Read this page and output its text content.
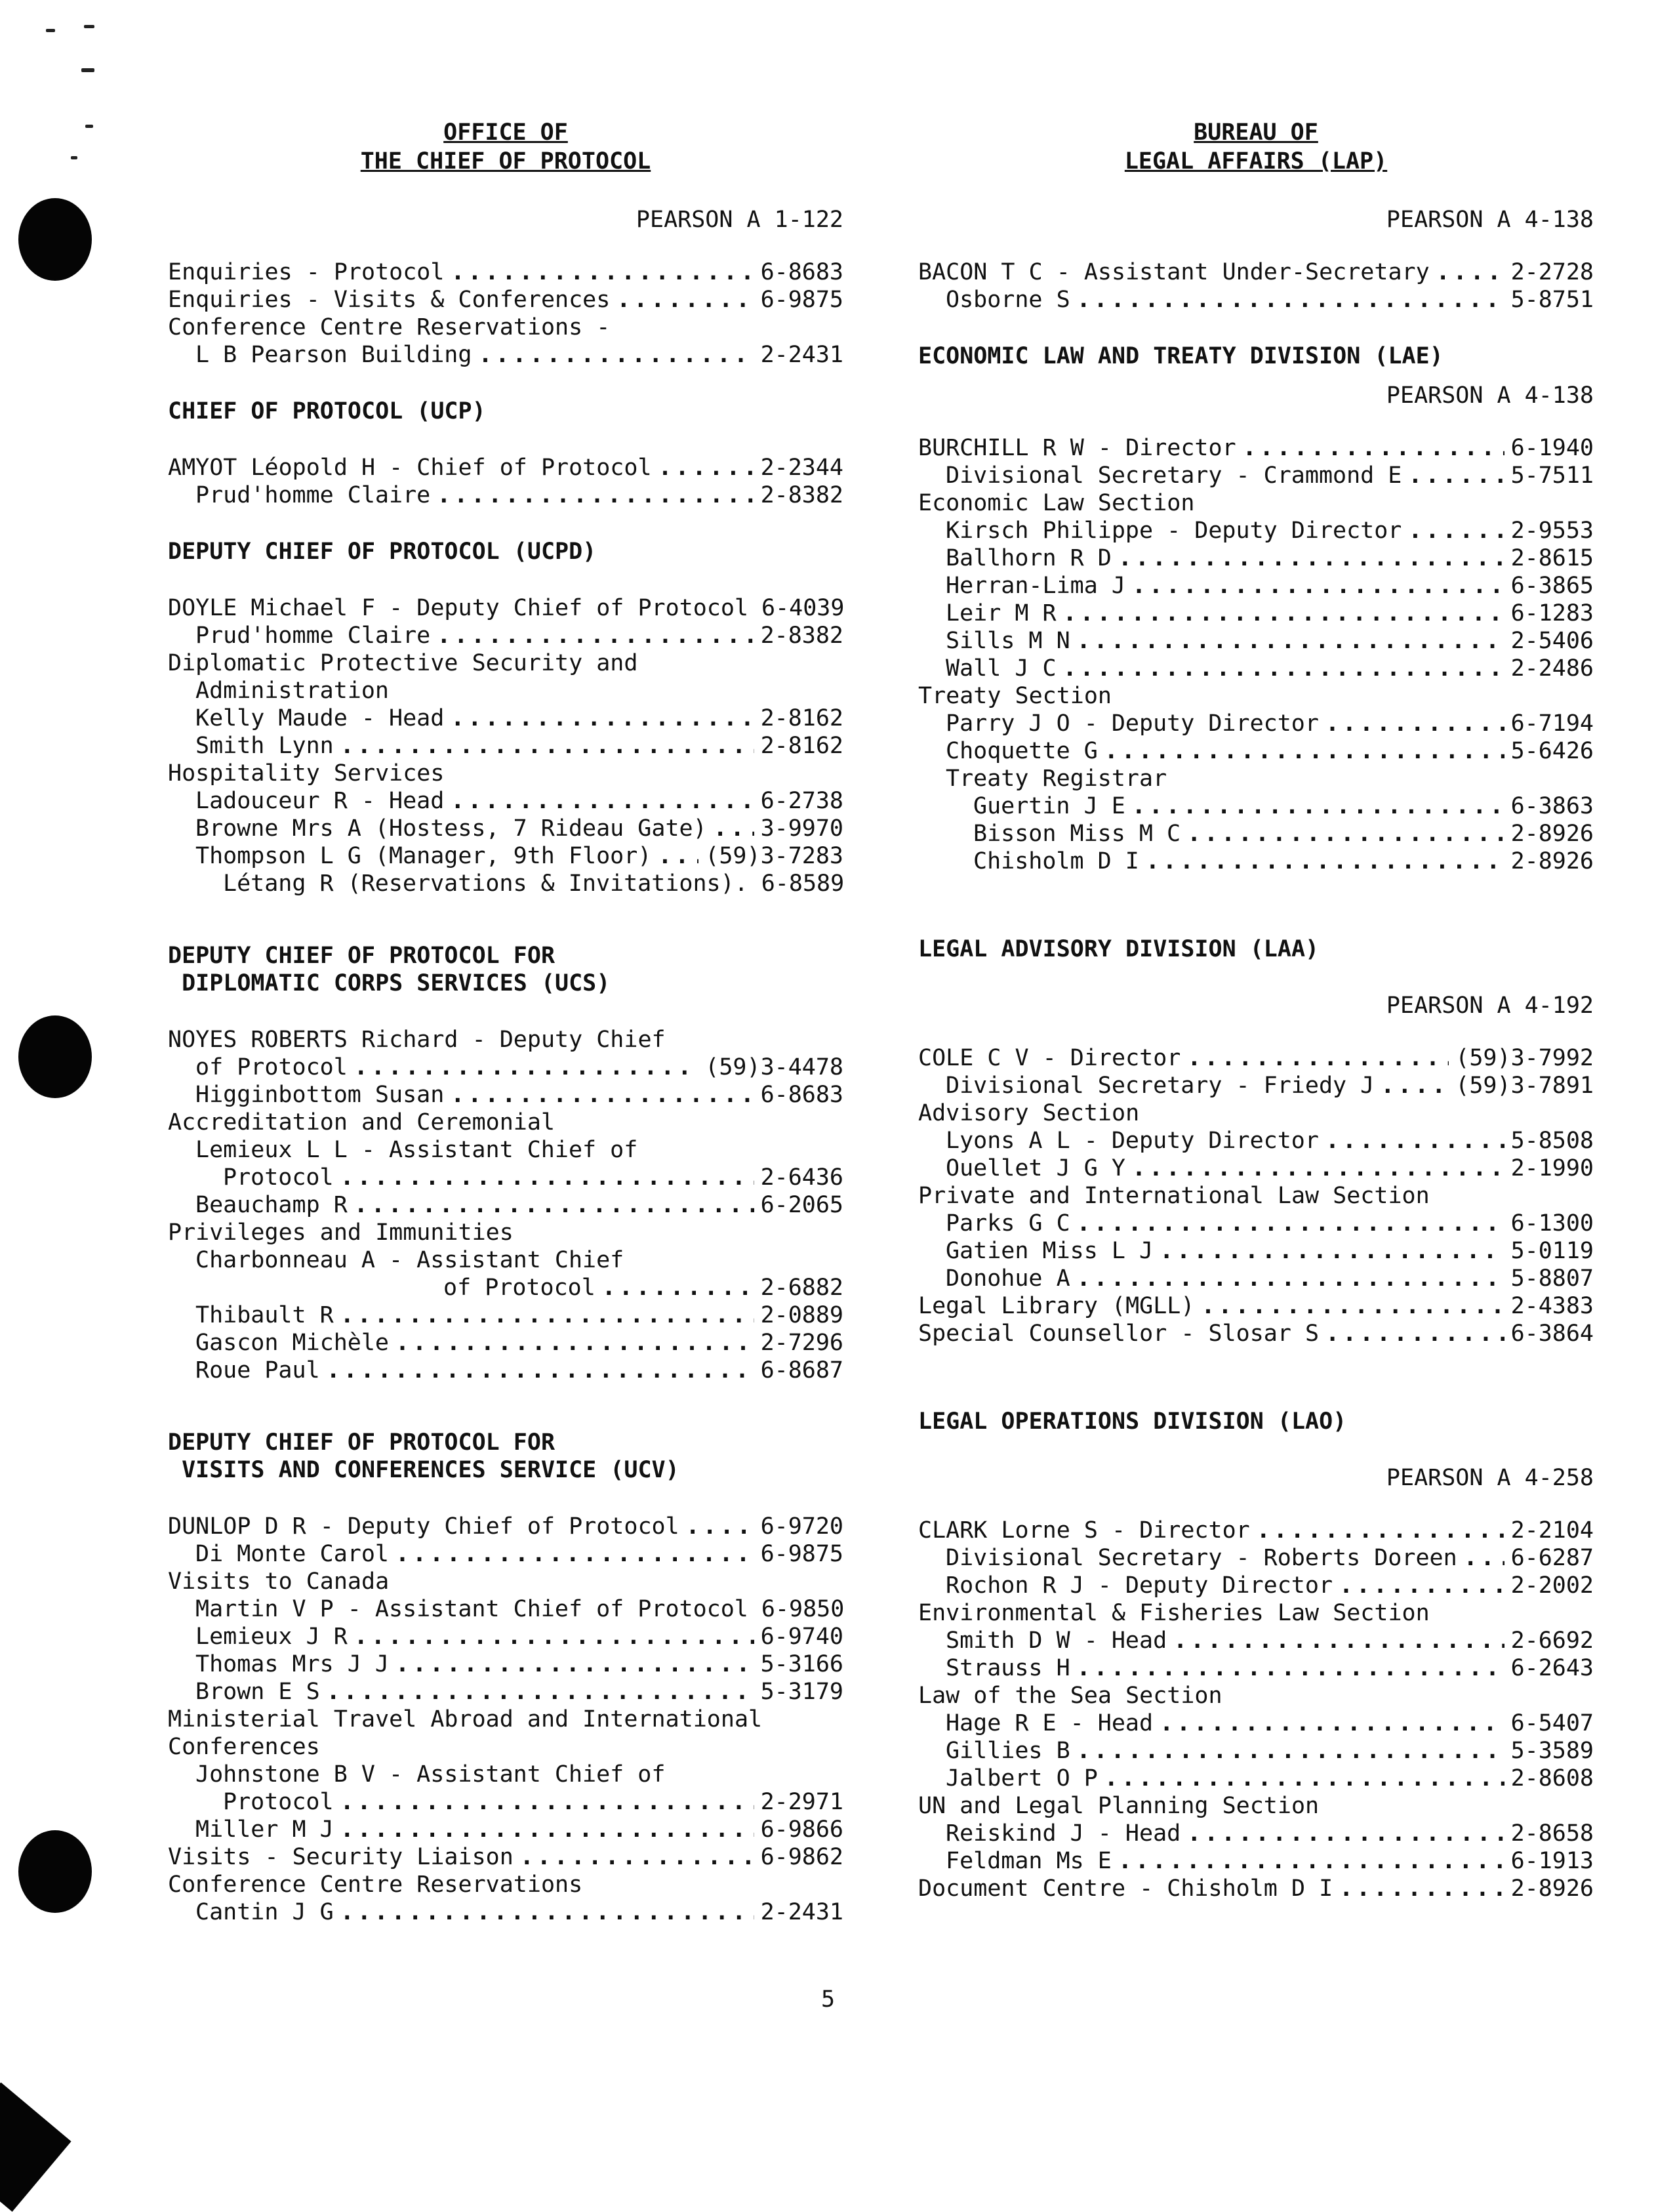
OFFICE OF
THE CHIEF OF PROTOCOL

PEARSON A 1-122

Enquiries - Protocol .....	6-8683
Enquiries - Visits & Conferences .....	6-9875
Conference Centre Reservations -
L B Pearson Building .....	2-2431

CHIEF OF PROTOCOL (UCP)

AMYOT Léopold H - Chief of Protocol .....	2-2344
Prud'homme Claire .....	2-8382

DEPUTY CHIEF OF PROTOCOL (UCPD)

DOYLE Michael F - Deputy Chief of Protocol 6-4039
Prud'homme Claire .....	2-8382
Diplomatic Protective Security and
Administration
Kelly Maude - Head .....	2-8162
Smith Lynn .....	2-8162
Hospitality Services
Ladouceur R - Head .....	6-2738
Browne Mrs A (Hostess, 7 Rideau Gate) ..... 3-9970
Thompson L G (Manager, 9th Floor) ..... (59)3-7283
Létang R (Reservations & Invitations). 6-8589

DEPUTY CHIEF OF PROTOCOL FOR
DIPLOMATIC CORPS SERVICES (UCS)

NOYES ROBERTS Richard - Deputy Chief
of Protocol .....	(59)3-4478
Higginbottom Susan .....	6-8683
Accreditation and Ceremonial
Lemieux L L - Assistant Chief of
Protocol .....	2-6436
Beauchamp R .....	6-2065
Privileges and Immunities
Charbonneau A - Assistant Chief
of Protocol .....	2-6882
Thibault R .....	2-0889
Gascon Michèle .....	2-7296
Roue Paul .....	6-8687

DEPUTY CHIEF OF PROTOCOL FOR
VISITS AND CONFERENCES SERVICE (UCV)

DUNLOP D R - Deputy Chief of Protocol .....	6-9720
Di Monte Carol .....	6-9875
Visits to Canada
Martin V P - Assistant Chief of Protocol 6-9850
Lemieux J R .....	6-9740
Thomas Mrs J J .....	5-3166
Brown E S .....	5-3179
Ministerial Travel Abroad and International
Conferences
Johnstone B V - Assistant Chief of
Protocol .....	2-2971
Miller M J .....	6-9866
Visits - Security Liaison .....	6-9862
Conference Centre Reservations
Cantin J G .....	2-2431
BUREAU OF
LEGAL AFFAIRS (LAP)

PEARSON A 4-138

BACON T C - Assistant Under-Secretary .....	2-2728
Osborne S .....	5-8751

ECONOMIC LAW AND TREATY DIVISION (LAE)

PEARSON A 4-138

BURCHILL R W - Director .....	6-1940
Divisional Secretary - Crammond E .....	5-7511
Economic Law Section
Kirsch Philippe - Deputy Director .....	2-9553
Ballhorn R D .....	2-8615
Herran-Lima J .....	6-3865
Leir M R .....	6-1283
Sills M N .....	2-5406
Wall J C .....	2-2486
Treaty Section
Parry J O - Deputy Director .....	6-7194
Choquette G .....	5-6426
Treaty Registrar
Guertin J E .....	6-3863
Bisson Miss M C .....	2-8926
Chisholm D I .....	2-8926

LEGAL ADVISORY DIVISION (LAA)

PEARSON A 4-192

COLE C V - Director .....	(59)3-7992
Divisional Secretary - Friedy J .....	(59)3-7891
Advisory Section
Lyons A L - Deputy Director .....	5-8508
Ouellet J G Y .....	2-1990
Private and International Law Section
Parks G C .....	6-1300
Gatien Miss L J .....	5-0119
Donohue A .....	5-8807
Legal Library (MGLL) .....	2-4383
Special Counsellor - Slosar S .....	6-3864

LEGAL OPERATIONS DIVISION (LAO)

PEARSON A 4-258

CLARK Lorne S - Director .....	2-2104
Divisional Secretary - Roberts Doreen ..... 6-6287
Rochon R J - Deputy Director .....	2-2002
Environmental & Fisheries Law Section
Smith D W - Head .....	2-6692
Strauss H .....	6-2643
Law of the Sea Section
Hage R E - Head .....	6-5407
Gillies B .....	5-3589
Jalbert O P .....	2-8608
UN and Legal Planning Section
Reiskind J - Head .....	2-8658
Feldman Ms E .....	6-1913
Document Centre - Chisholm D I .....	2-8926

5
